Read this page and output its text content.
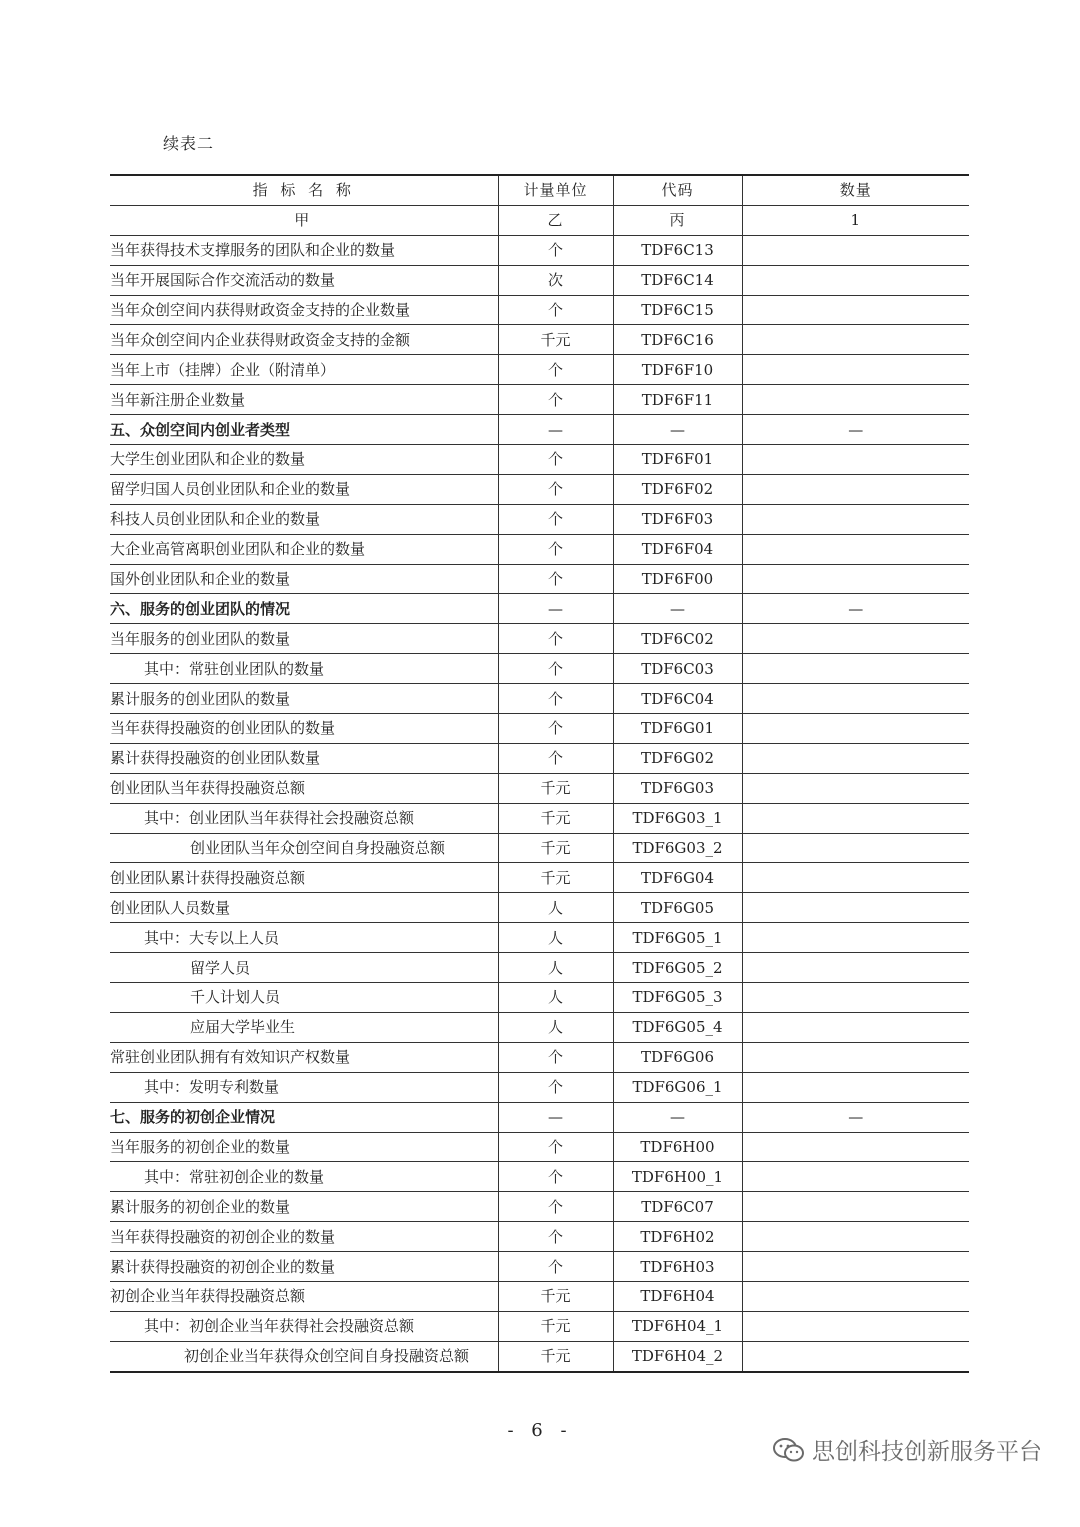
续表二
指 标 名 称	计量单位	代码	数量
甲	乙	丙	1
当年获得技术支撑服务的团队和企业的数量	个	TDF6C13	
当年开展国际合作交流活动的数量	次	TDF6C14	
当年众创空间内获得财政资金支持的企业数量	个	TDF6C15	
当年众创空间内企业获得财政资金支持的金额	千元	TDF6C16	
当年上市（挂牌）企业（附清单）	个	TDF6F10	
当年新注册企业数量	个	TDF6F11	
五、众创空间内创业者类型	—	—	—
大学生创业团队和企业的数量	个	TDF6F01	
留学归国人员创业团队和企业的数量	个	TDF6F02	
科技人员创业团队和企业的数量	个	TDF6F03	
大企业高管离职创业团队和企业的数量	个	TDF6F04	
国外创业团队和企业的数量	个	TDF6F00	
六、服务的创业团队的情况	—	—	—
当年服务的创业团队的数量	个	TDF6C02	
其中：常驻创业团队的数量	个	TDF6C03	
累计服务的创业团队的数量	个	TDF6C04	
当年获得投融资的创业团队的数量	个	TDF6G01	
累计获得投融资的创业团队数量	个	TDF6G02	
创业团队当年获得投融资总额	千元	TDF6G03	
其中：创业团队当年获得社会投融资总额	千元	TDF6G03_1	
创业团队当年众创空间自身投融资总额	千元	TDF6G03_2	
创业团队累计获得投融资总额	千元	TDF6G04	
创业团队人员数量	人	TDF6G05	
其中：大专以上人员	人	TDF6G05_1	
留学人员	人	TDF6G05_2	
千人计划人员	人	TDF6G05_3	
应届大学毕业生	人	TDF6G05_4	
常驻创业团队拥有有效知识产权数量	个	TDF6G06	
其中：发明专利数量	个	TDF6G06_1	
七、服务的初创企业情况	—	—	—
当年服务的初创企业的数量	个	TDF6H00	
其中：常驻初创企业的数量	个	TDF6H00_1	
累计服务的初创企业的数量	个	TDF6C07	
当年获得投融资的初创企业的数量	个	TDF6H02	
累计获得投融资的初创企业的数量	个	TDF6H03	
初创企业当年获得投融资总额	千元	TDF6H04	
其中：初创企业当年获得社会投融资总额	千元	TDF6H04_1	
初创企业当年获得众创空间自身投融资总额	千元	TDF6H04_2	
- 6 -
思创科技创新服务平台
